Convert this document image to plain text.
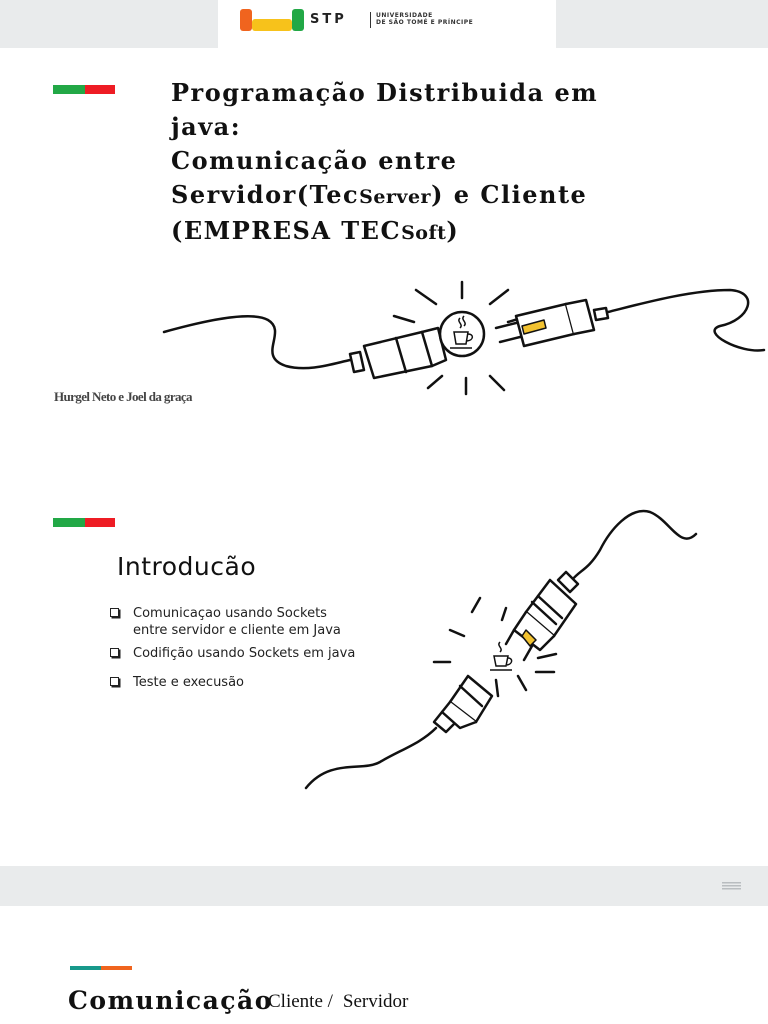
STP	UNIVERSIDADE
DE SÃO TOMÉ E PRÍNCIPE
Programação Distribuida em
java:
Comunicação entre
Servidor(TecServer) e Cliente
(EMPRESA TECSoft)
Hurgel Neto e Joel da graça
Introducão
Comunicaçao usando Sockets
entre servidor e cliente em Java
Codifição usando Sockets em java
Teste e execusão
Comunicação
Cliente / Servidor
